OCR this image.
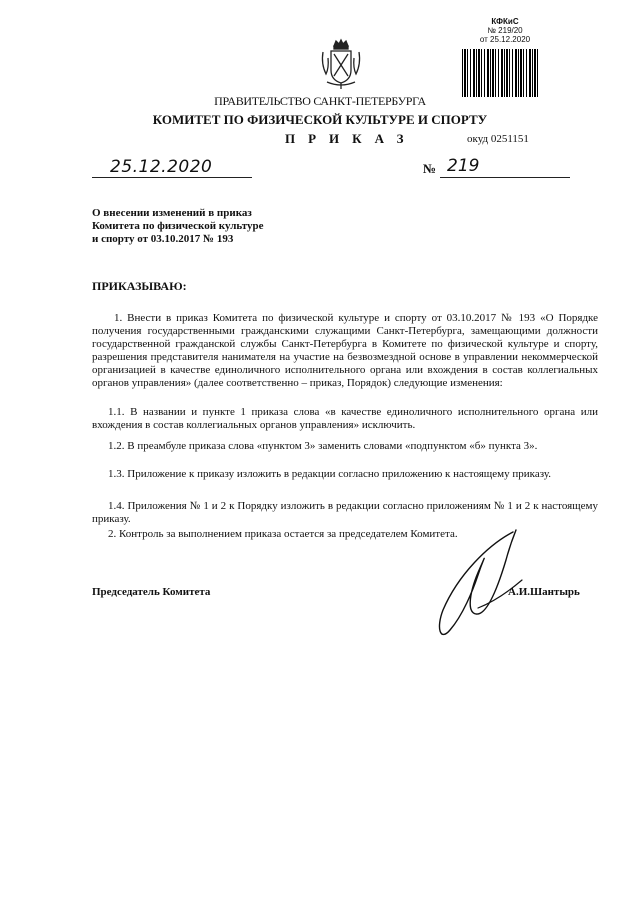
КФКиС
№ 219/20
от 25.12.2020
ПРАВИТЕЛЬСТВО САНКТ-ПЕТЕРБУРГА
КОМИТЕТ ПО ФИЗИЧЕСКОЙ КУЛЬТУРЕ И СПОРТУ
ПРИКАЗ	окуд 0251151
25.12.2020	№ 219
О внесении изменений в приказ
Комитета по физической культуре
и спорту от 03.10.2017 № 193
ПРИКАЗЫВАЮ:
1. Внести в приказ Комитета по физической культуре и спорту от 03.10.2017 № 193 «О Порядке получения государственными гражданскими служащими Санкт-Петербурга, замещающими должности государственной гражданской службы Санкт-Петербурга в Комитете по физической культуре и спорту, разрешения представителя нанимателя на участие на безвозмездной основе в управлении некоммерческой организацией в качестве единоличного исполнительного органа или вхождения в состав коллегиальных органов управления» (далее соответственно – приказ, Порядок) следующие изменения:
1.1. В названии и пункте 1 приказа слова «в качестве единоличного исполнительного органа или вхождения в состав коллегиальных органов управления» исключить.
1.2. В преамбуле приказа слова «пунктом 3» заменить словами «подпунктом «б» пункта 3».
1.3. Приложение к приказу изложить в редакции согласно приложению к настоящему приказу.
1.4. Приложения № 1 и 2 к Порядку изложить в редакции согласно приложениям № 1 и 2 к настоящему приказу.
2. Контроль за выполнением приказа остается за председателем Комитета.
Председатель Комитета	А.И.Шантырь
